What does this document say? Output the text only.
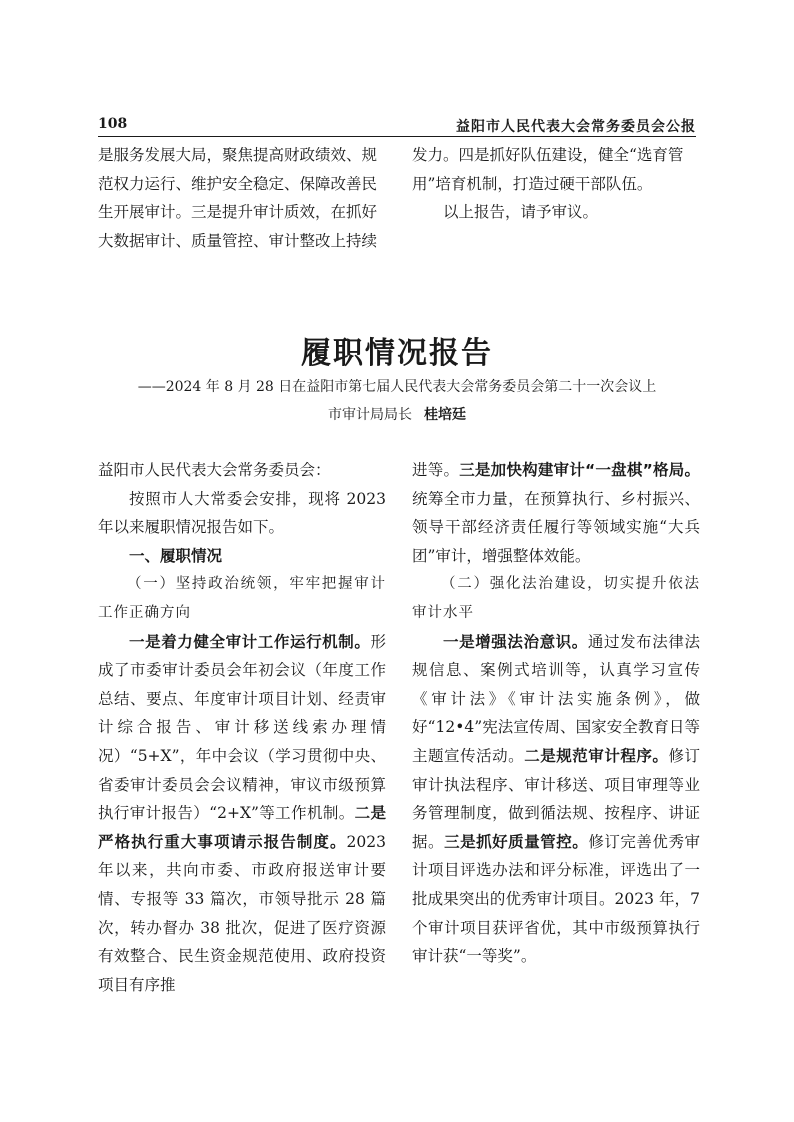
108	益阳市人民代表大会常务委员会公报

是服务发展大局，聚焦提高财政绩效、规

范权力运行、维护安全稳定、保障改善民

生开展审计。三是提升审计质效，在抓好

大数据审计、质量管控、审计整改上持续

发力。四是抓好队伍建设，健全“选育管

用”培育机制，打造过硬干部队伍。

以上报告，请予审议。

履职情况报告
——2024 年 8 月 28 日在益阳市第七届人民代表大会常务委员会第二十一次会议上
市审计局局长 桂培廷

益阳市人民代表大会常务委员会：

按照市人大常委会安排，现将 2023 年以来履职情况报告如下。

一、履职情况

（一）坚持政治统领，牢牢把握审计工作正确方向

一是着力健全审计工作运行机制。形成了市委审计委员会年初会议（年度工作总结、要点、年度审计项目计划、经责审计综合报告、审计移送线索办理情况）“5+X”，年中会议（学习贯彻中央、省委审计委员会会议精神，审议市级预算执行审计报告）“2+X”等工作机制。二是严格执行重大事项请示报告制度。2023 年以来，共向市委、市政府报送审计要情、专报等 33 篇次，市领导批示 28 篇次，转办督办 38 批次，促进了医疗资源有效整合、民生资金规范使用、政府投资项目有序推

进等。三是加快构建审计“一盘棋”格局。统筹全市力量，在预算执行、乡村振兴、领导干部经济责任履行等领域实施“大兵团”审计，增强整体效能。

（二）强化法治建设，切实提升依法审计水平

一是增强法治意识。通过发布法律法规信息、案例式培训等，认真学习宣传《审计法》《审计法实施条例》，做好“12•4”宪法宣传周、国家安全教育日等主题宣传活动。二是规范审计程序。修订审计执法程序、审计移送、项目审理等业务管理制度，做到循法规、按程序、讲证据。三是抓好质量管控。修订完善优秀审计项目评选办法和评分标准，评选出了一批成果突出的优秀审计项目。2023 年，7 个审计项目获评省优，其中市级预算执行审计获“一等奖”。
